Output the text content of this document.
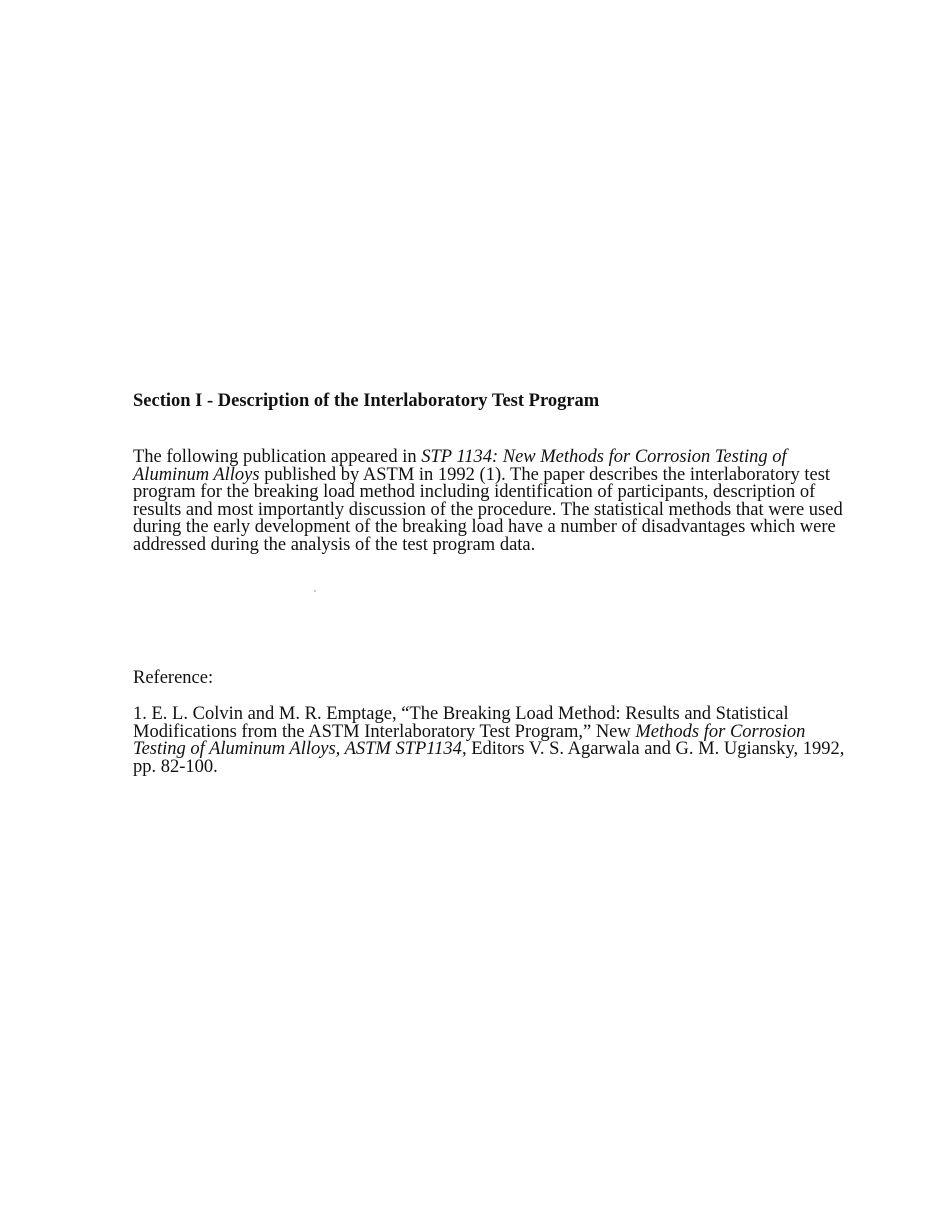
Section I - Description of the Interlaboratory Test Program
The following publication appeared in STP 1134: New Methods for Corrosion Testing of
Aluminum Alloys published by ASTM in 1992 (1). The paper describes the interlaboratory test
program for the breaking load method including identification of participants, description of
results and most importantly discussion of the procedure. The statistical methods that were used
during the early development of the breaking load have a number of disadvantages which were
addressed during the analysis of the test program data.
Reference:
1. E. L. Colvin and M. R. Emptage, “The Breaking Load Method: Results and Statistical
Modifications from the ASTM Interlaboratory Test Program,” New Methods for Corrosion
Testing of Aluminum Alloys, ASTM STP1134, Editors V. S. Agarwala and G. M. Ugiansky, 1992,
pp. 82-100.
